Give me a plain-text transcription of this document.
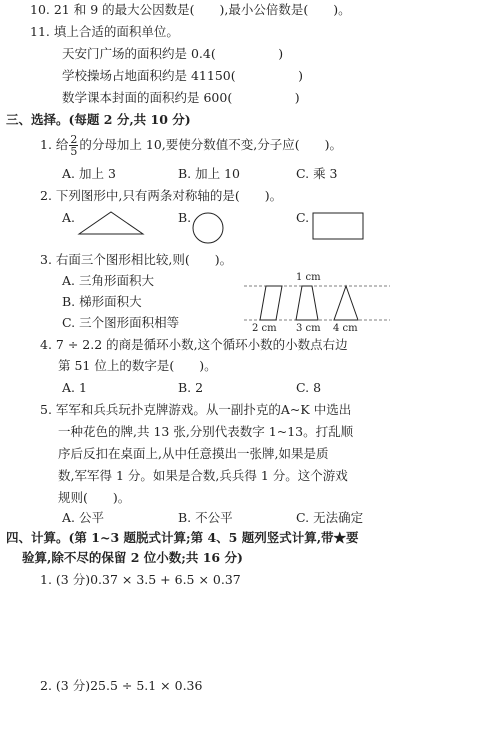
10. 21 和 9 的最大公因数是(　　),最小公倍数是(　　)。
11. 填上合适的面积单位。
天安门广场的面积约是 0.4(　　　　　)
学校操场占地面积约是 41150(　　　　　)
数学课本封面的面积约是 600(　　　　　)
三、选择。(每题 2 分,共 10 分)
1. 给 $\frac{2}{5}$ 的分母加上 10,要使分数值不变,分子应(　　)。
A. 加上 3	B. 加上 10	C. 乘 3
2. 下列图形中,只有两条对称轴的是(　　)。
A.	B.	C.
3. 右面三个图形相比较,则(　　)。
A. 三角形面积大
B. 梯形面积大
C. 三个图形面积相等
1 cm
2 cm 3 cm 4 cm
4. 7 ÷ 2.2 的商是循环小数,这个循环小数的小数点右边
第 51 位上的数字是(　　)。
A. 1	B. 2	C. 8
5. 军军和兵兵玩扑克牌游戏。从一副扑克的A~K 中选出
一种花色的牌,共 13 张,分别代表数字 1~13。打乱顺
序后反扣在桌面上,从中任意摸出一张牌,如果是质
数,军军得 1 分。如果是合数,兵兵得 1 分。这个游戏
规则(　　)。
A. 公平	B. 不公平	C. 无法确定
四、计算。(第 1~3 题脱式计算;第 4、5 题列竖式计算,带★要
验算,除不尽的保留 2 位小数;共 16 分)
1. (3 分)0.37 × 3.5 + 6.5 × 0.37
2. (3 分)25.5 ÷ 5.1 × 0.36
